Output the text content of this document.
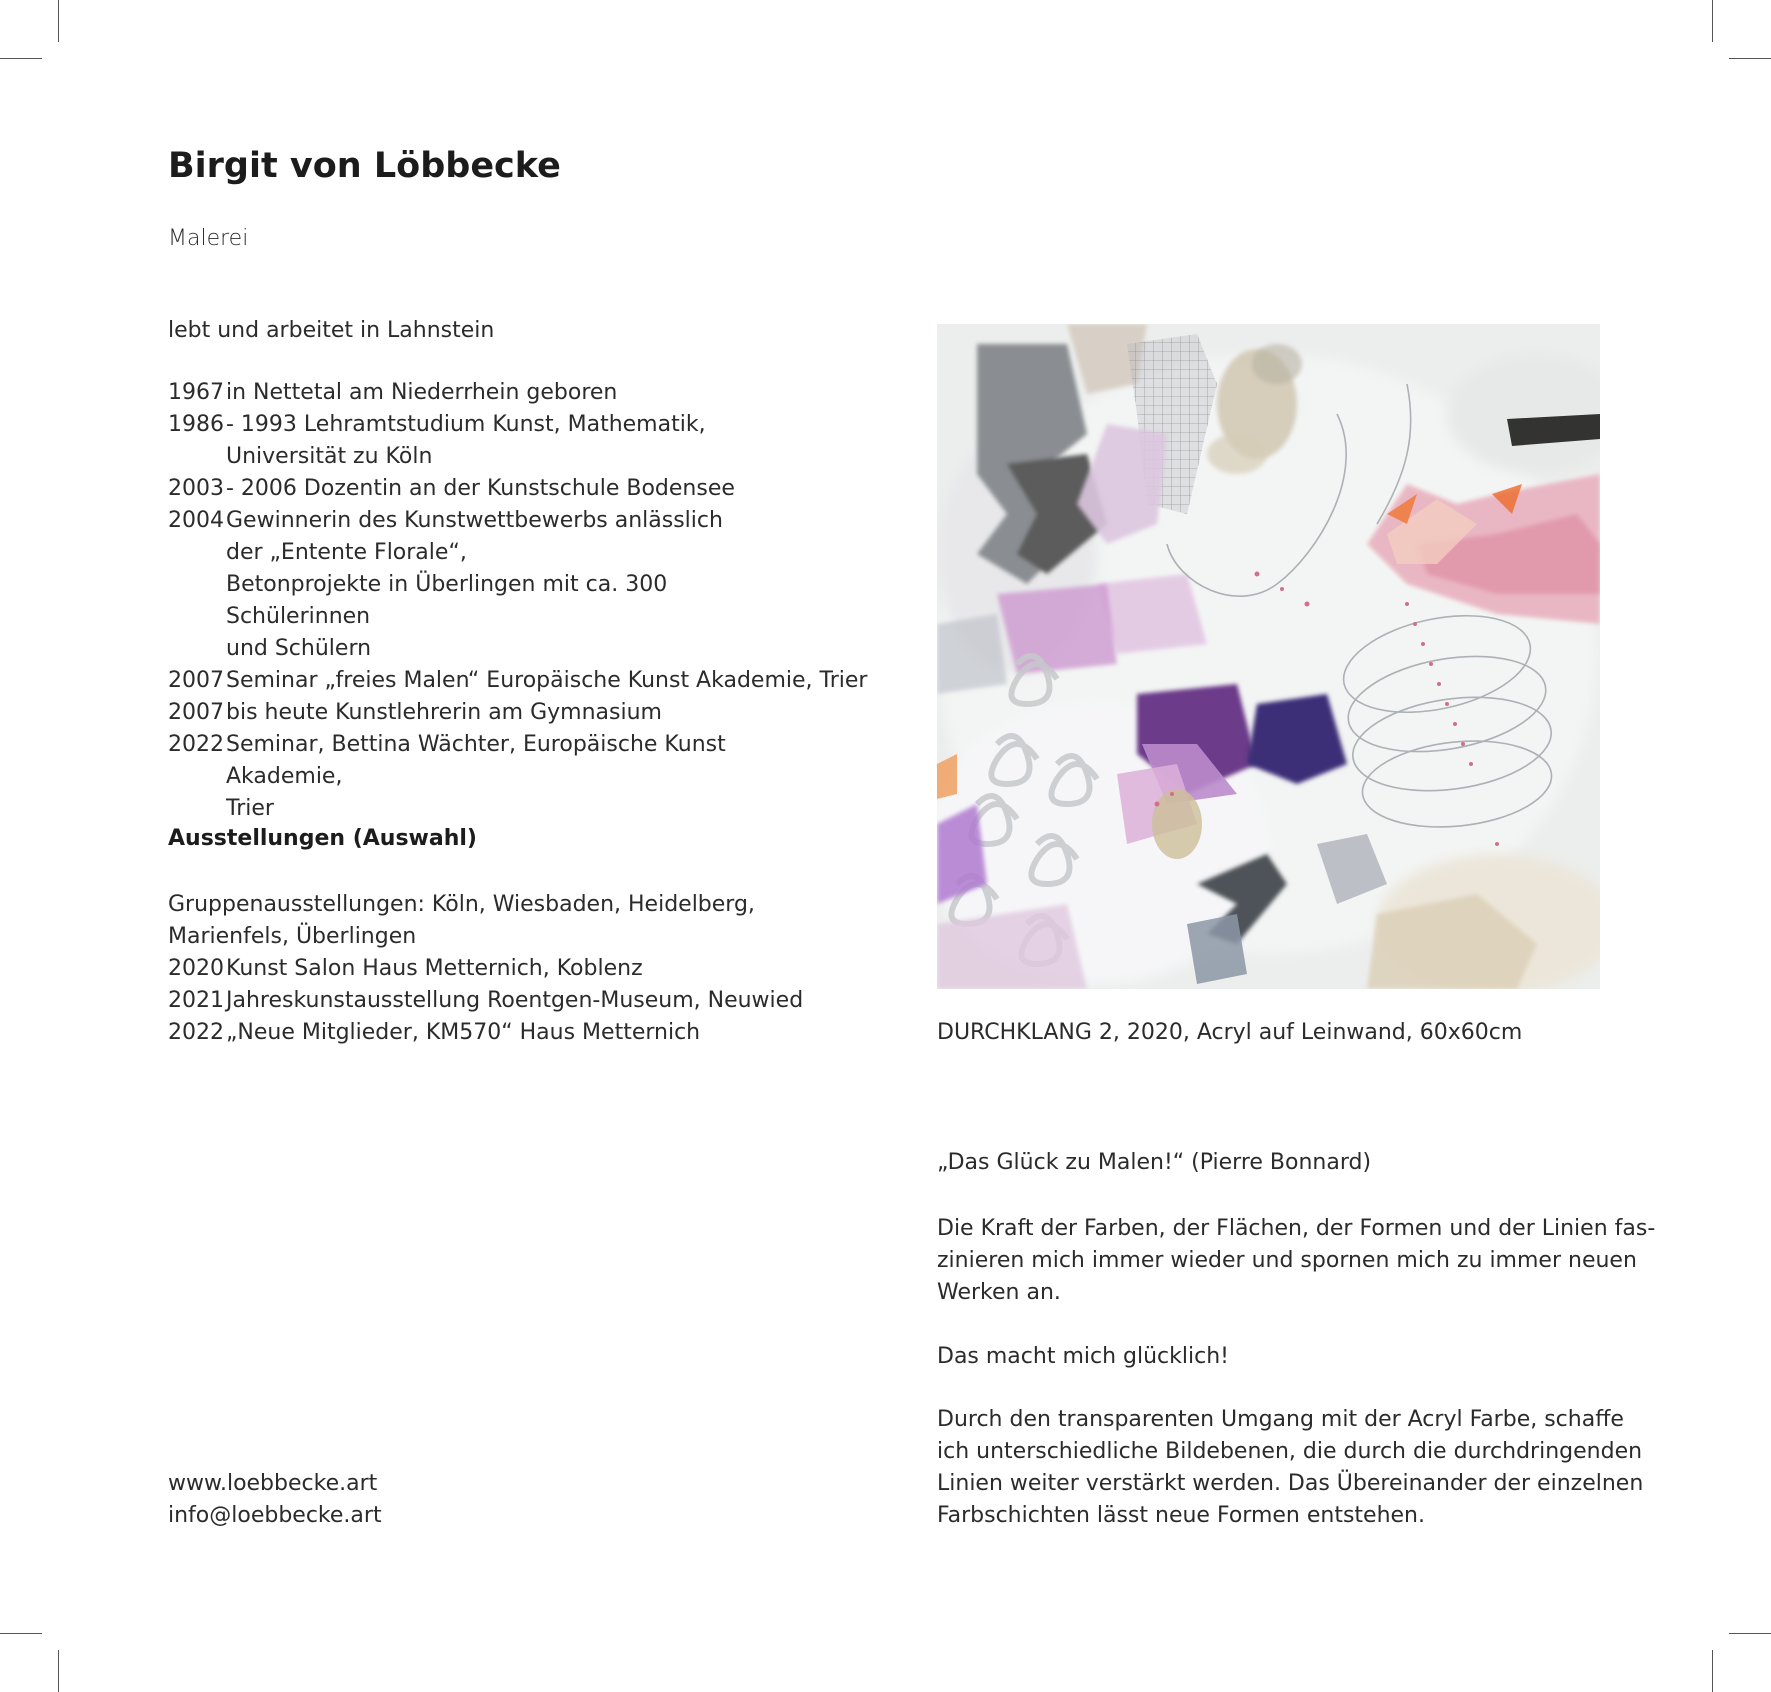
Birgit von Löbbecke
Malerei
lebt und arbeitet in Lahnstein
1967 in Nettetal am Niederrhein geboren
1986 - 1993 Lehramtstudium Kunst, Mathematik,
Universität zu Köln
2003 - 2006 Dozentin an der Kunstschule Bodensee
2004 Gewinnerin des Kunstwettbewerbs anlässlich
der „Entente Florale“,
Betonprojekte in Überlingen mit ca. 300 Schülerinnen
und Schülern
2007 Seminar „freies Malen“ Europäische Kunst Akademie, Trier
2007 bis heute Kunstlehrerin am Gymnasium
2022 Seminar, Bettina Wächter, Europäische Kunst Akademie,
Trier
Ausstellungen (Auswahl)
Gruppenausstellungen: Köln, Wiesbaden, Heidelberg,
Marienfels, Überlingen
2020 Kunst Salon Haus Metternich, Koblenz
2021 Jahreskunstausstellung Roentgen-Museum, Neuwied
2022 „Neue Mitglieder, KM570“ Haus Metternich
www.loebbecke.art
info@loebbecke.art
DURCHKLANG 2, 2020, Acryl auf Leinwand, 60x60cm
„Das Glück zu Malen!“ (Pierre Bonnard)
Die Kraft der Farben, der Flächen, der Formen und der Linien fas-
zinieren mich immer wieder und spornen mich zu immer neuen
Werken an.
Das macht mich glücklich!
Durch den transparenten Umgang mit der Acryl Farbe, schaffe
ich unterschiedliche Bildebenen, die durch die durchdringenden
Linien weiter verstärkt werden. Das Übereinander der einzelnen
Farbschichten lässt neue Formen entstehen.
